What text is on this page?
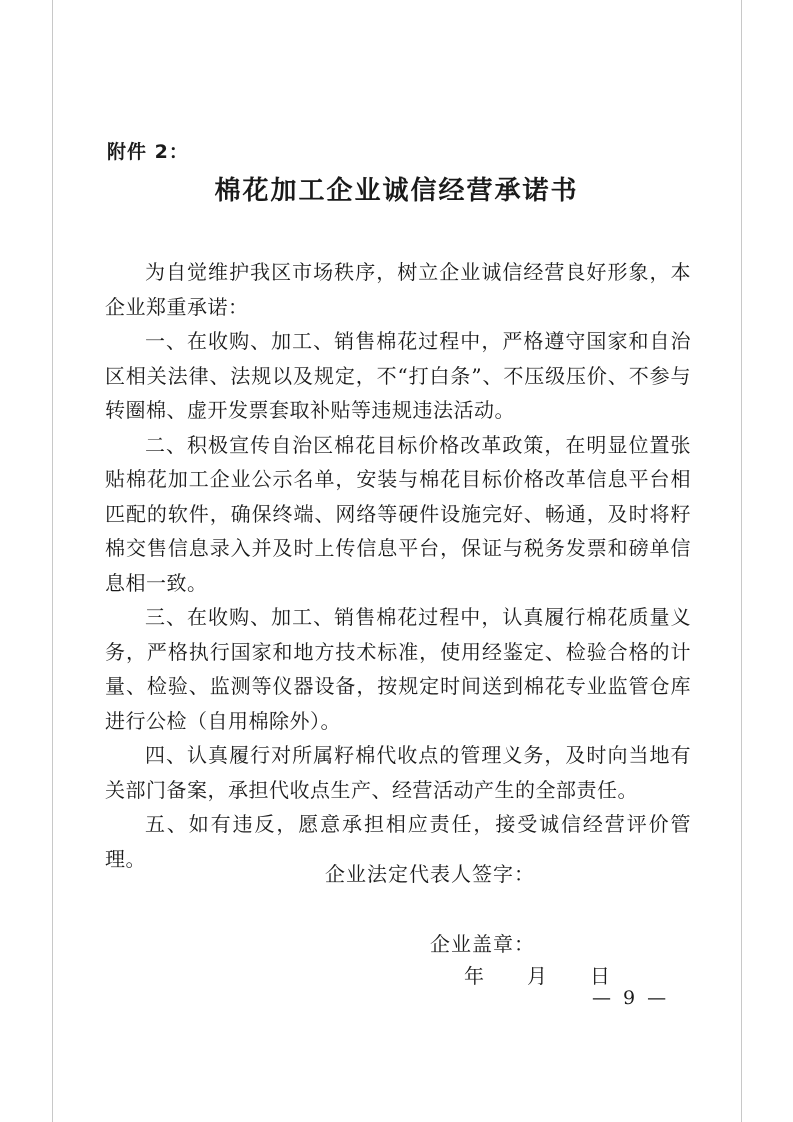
附件 2：
棉花加工企业诚信经营承诺书

为自觉维护我区市场秩序，树立企业诚信经营良好形象，本企业郑重承诺：

一、在收购、加工、销售棉花过程中，严格遵守国家和自治区相关法律、法规以及规定，不“打白条”、不压级压价、不参与转圈棉、虚开发票套取补贴等违规违法活动。

二、积极宣传自治区棉花目标价格改革政策，在明显位置张贴棉花加工企业公示名单，安装与棉花目标价格改革信息平台相匹配的软件，确保终端、网络等硬件设施完好、畅通，及时将籽棉交售信息录入并及时上传信息平台，保证与税务发票和磅单信息相一致。

三、在收购、加工、销售棉花过程中，认真履行棉花质量义务，严格执行国家和地方技术标准，使用经鉴定、检验合格的计量、检验、监测等仪器设备，按规定时间送到棉花专业监管仓库进行公检（自用棉除外）。

四、认真履行对所属籽棉代收点的管理义务，及时向当地有关部门备案，承担代收点生产、经营活动产生的全部责任。

五、如有违反，愿意承担相应责任，接受诚信经营评价管理。

企业法定代表人签字：
企业盖章：
年 月 日
— 9 —
